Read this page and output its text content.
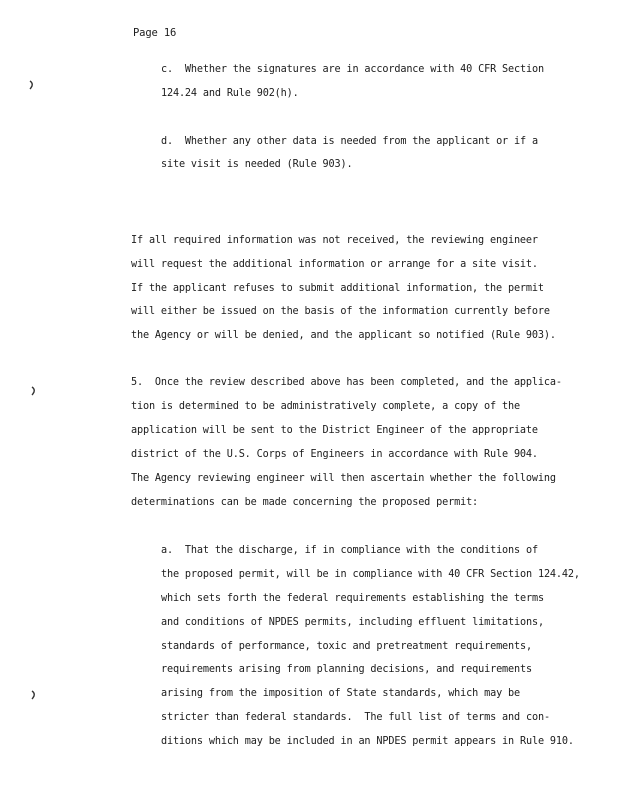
Page 16
c.  Whether the signatures are in accordance with 40 CFR Section
124.24 and Rule 902(h).
d.  Whether any other data is needed from the applicant or if a
site visit is needed (Rule 903).
If all required information was not received, the reviewing engineer
will request the additional information or arrange for a site visit.
If the applicant refuses to submit additional information, the permit
will either be issued on the basis of the information currently before
the Agency or will be denied, and the applicant so notified (Rule 903).
5.  Once the review described above has been completed, and the applica-
tion is determined to be administratively complete, a copy of the
application will be sent to the District Engineer of the appropriate
district of the U.S. Corps of Engineers in accordance with Rule 904.
The Agency reviewing engineer will then ascertain whether the following
determinations can be made concerning the proposed permit:
a.  That the discharge, if in compliance with the conditions of
the proposed permit, will be in compliance with 40 CFR Section 124.42,
which sets forth the federal requirements establishing the terms
and conditions of NPDES permits, including effluent limitations,
standards of performance, toxic and pretreatment requirements,
requirements arising from planning decisions, and requirements
arising from the imposition of State standards, which may be
stricter than federal standards.  The full list of terms and con-
ditions which may be included in an NPDES permit appears in Rule 910.
